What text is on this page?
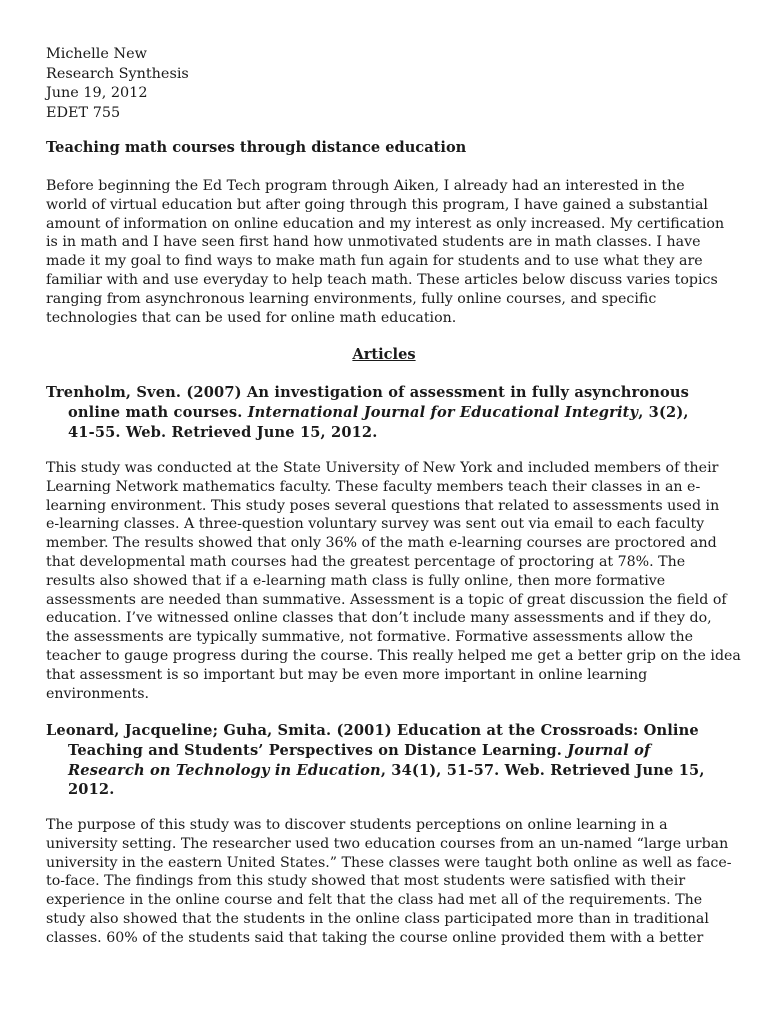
Michelle New
Research Synthesis
June 19, 2012
EDET 755
Teaching math courses through distance education
Before beginning the Ed Tech program through Aiken, I already had an interested in the
world of virtual education but after going through this program, I have gained a substantial
amount of information on online education and my interest as only increased. My certification
is in math and I have seen first hand how unmotivated students are in math classes. I have
made it my goal to find ways to make math fun again for students and to use what they are
familiar with and use everyday to help teach math. These articles below discuss varies topics
ranging from asynchronous learning environments, fully online courses, and specific
technologies that can be used for online math education.
Articles
Trenholm, Sven. (2007) An investigation of assessment in fully asynchronous
online math courses. International Journal for Educational Integrity, 3(2),
41-55. Web. Retrieved June 15, 2012.
This study was conducted at the State University of New York and included members of their
Learning Network mathematics faculty. These faculty members teach their classes in an e-
learning environment. This study poses several questions that related to assessments used in
e-learning classes. A three-question voluntary survey was sent out via email to each faculty
member. The results showed that only 36% of the math e-learning courses are proctored and
that developmental math courses had the greatest percentage of proctoring at 78%. The
results also showed that if a e-learning math class is fully online, then more formative
assessments are needed than summative. Assessment is a topic of great discussion the field of
education. I’ve witnessed online classes that don’t include many assessments and if they do,
the assessments are typically summative, not formative. Formative assessments allow the
teacher to gauge progress during the course. This really helped me get a better grip on the idea
that assessment is so important but may be even more important in online learning
environments.
Leonard, Jacqueline; Guha, Smita. (2001) Education at the Crossroads: Online
Teaching and Students’ Perspectives on Distance Learning. Journal of
Research on Technology in Education, 34(1), 51-57. Web. Retrieved June 15,
2012.
The purpose of this study was to discover students perceptions on online learning in a
university setting. The researcher used two education courses from an un-named “large urban
university in the eastern United States.” These classes were taught both online as well as face-
to-face. The findings from this study showed that most students were satisfied with their
experience in the online course and felt that the class had met all of the requirements. The
study also showed that the students in the online class participated more than in traditional
classes. 60% of the students said that taking the course online provided them with a better
